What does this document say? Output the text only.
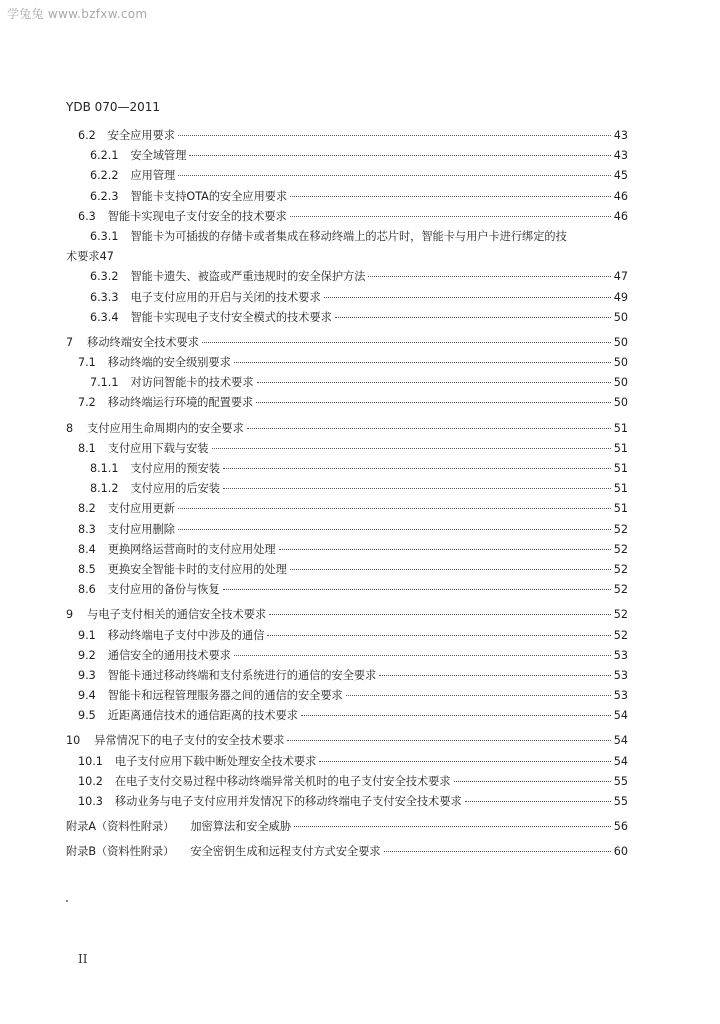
学兔兔 www.bzfxw.com
YDB 070—2011
6.2 安全应用要求	43
6.2.1 安全域管理	43
6.2.2 应用管理	45
6.2.3 智能卡支持OTA的安全应用要求	46
6.3 智能卡实现电子支付安全的技术要求	46
6.3.1 智能卡为可插拔的存储卡或者集成在移动终端上的芯片时，智能卡与用户卡进行绑定的技
术要求 47
6.3.2 智能卡遗失、被盗或严重违规时的安全保护方法	47
6.3.3 电子支付应用的开启与关闭的技术要求	49
6.3.4 智能卡实现电子支付安全模式的技术要求	50
7 移动终端安全技术要求	50
7.1 移动终端的安全级别要求	50
7.1.1 对访问智能卡的技术要求	50
7.2 移动终端运行环境的配置要求	50
8 支付应用生命周期内的安全要求	51
8.1 支付应用下载与安装	51
8.1.1 支付应用的预安装	51
8.1.2 支付应用的后安装	51
8.2 支付应用更新	51
8.3 支付应用删除	52
8.4 更换网络运营商时的支付应用处理	52
8.5 更换安全智能卡时的支付应用的处理	52
8.6 支付应用的备份与恢复	52
9 与电子支付相关的通信安全技术要求	52
9.1 移动终端电子支付中涉及的通信	52
9.2 通信安全的通用技术要求	53
9.3 智能卡通过移动终端和支付系统进行的通信的安全要求	53
9.4 智能卡和远程管理服务器之间的通信的安全要求	53
9.5 近距离通信技术的通信距离的技术要求	54
10 异常情况下的电子支付的安全技术要求	54
10.1 电子支付应用下载中断处理安全技术要求	54
10.2 在电子支付交易过程中移动终端异常关机时的电子支付安全技术要求	55
10.3 移动业务与电子支付应用并发情况下的移动终端电子支付安全技术要求	55
附录A（资料性附录） 加密算法和安全威胁	56
附录B（资料性附录） 安全密钥生成和远程支付方式安全要求	60
II
